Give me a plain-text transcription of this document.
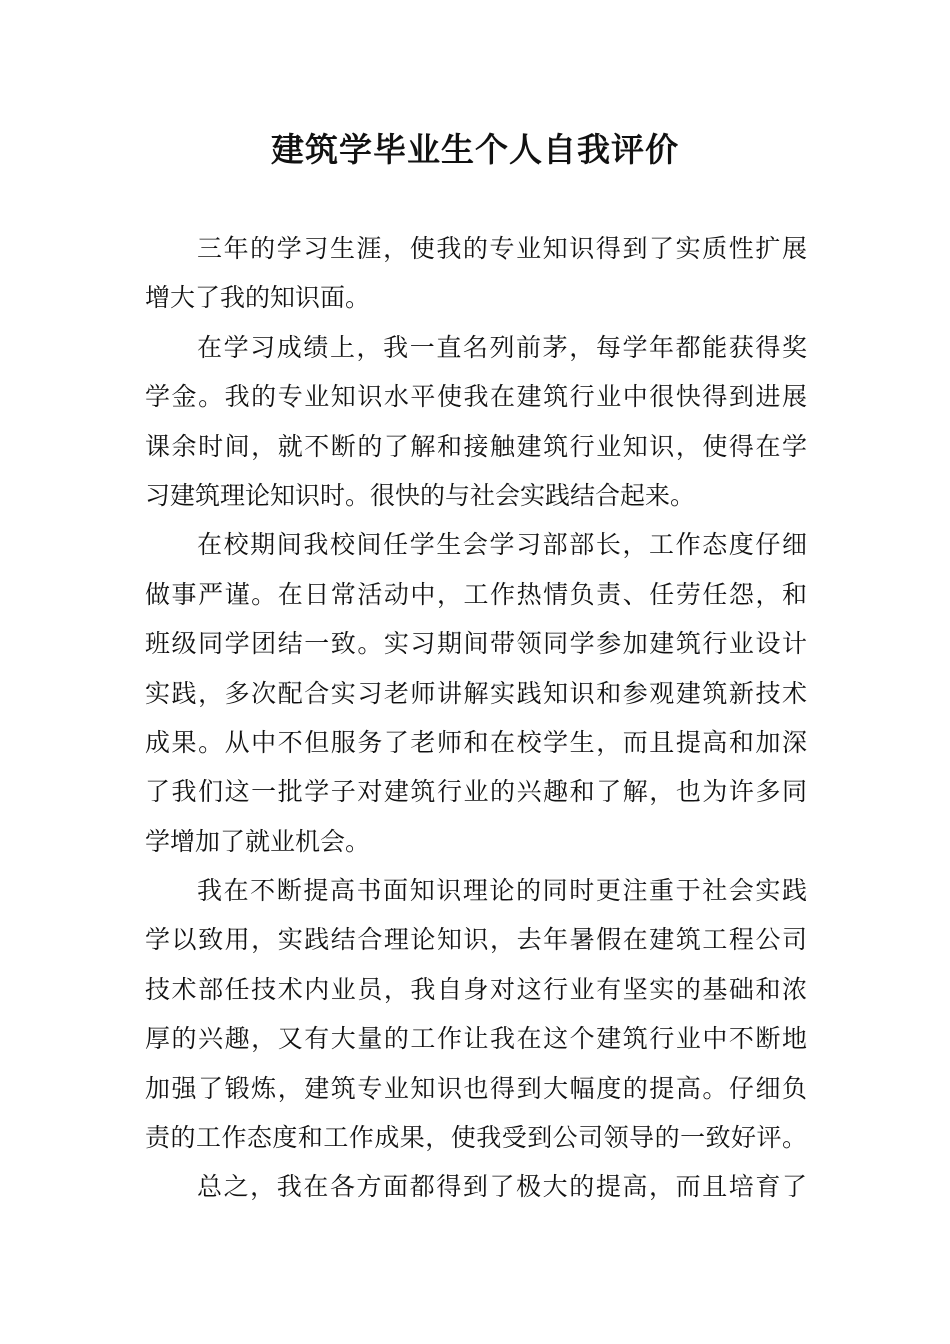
建筑学毕业生个人自我评价
三年的学习生涯，使我的专业知识得到了实质性扩展
增大了我的知识面。
在学习成绩上，我一直名列前茅，每学年都能获得奖
学金。我的专业知识水平使我在建筑行业中很快得到进展
课余时间，就不断的了解和接触建筑行业知识，使得在学
习建筑理论知识时。很快的与社会实践结合起来。
在校期间我校间任学生会学习部部长，工作态度仔细
做事严谨。在日常活动中，工作热情负责、任劳任怨，和
班级同学团结一致。实习期间带领同学参加建筑行业设计
实践，多次配合实习老师讲解实践知识和参观建筑新技术
成果。从中不但服务了老师和在校学生，而且提高和加深
了我们这一批学子对建筑行业的兴趣和了解，也为许多同
学增加了就业机会。
我在不断提高书面知识理论的同时更注重于社会实践
学以致用，实践结合理论知识，去年暑假在建筑工程公司
技术部任技术内业员，我自身对这行业有坚实的基础和浓
厚的兴趣，又有大量的工作让我在这个建筑行业中不断地
加强了锻炼，建筑专业知识也得到大幅度的提高。仔细负
责的工作态度和工作成果，使我受到公司领导的一致好评。
总之，我在各方面都得到了极大的提高，而且培育了
